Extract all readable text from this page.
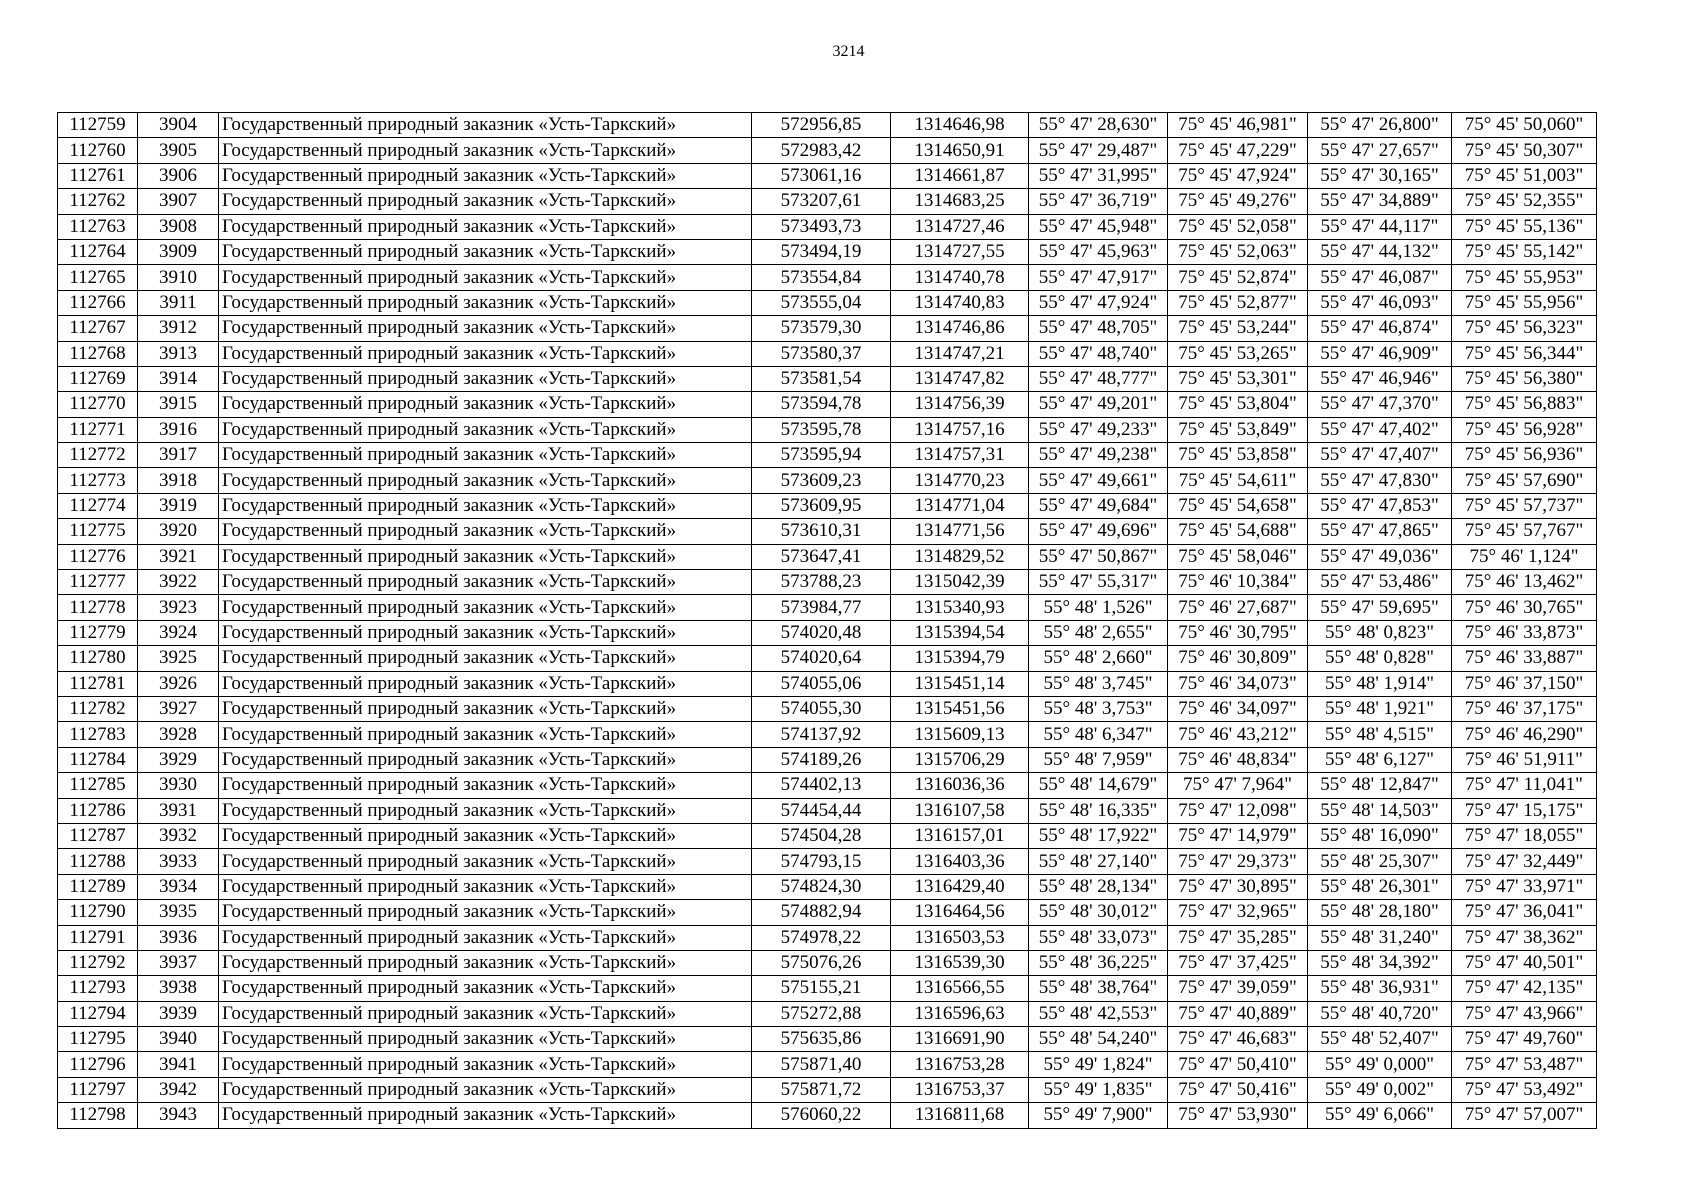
3214
112759	3904	Государственный природный заказник «Усть-Таркский»	572956,85	1314646,98	55° 47' 28,630"	75° 45' 46,981"	55° 47' 26,800"	75° 45' 50,060"
112760	3905	Государственный природный заказник «Усть-Таркский»	572983,42	1314650,91	55° 47' 29,487"	75° 45' 47,229"	55° 47' 27,657"	75° 45' 50,307"
112761	3906	Государственный природный заказник «Усть-Таркский»	573061,16	1314661,87	55° 47' 31,995"	75° 45' 47,924"	55° 47' 30,165"	75° 45' 51,003"
112762	3907	Государственный природный заказник «Усть-Таркский»	573207,61	1314683,25	55° 47' 36,719"	75° 45' 49,276"	55° 47' 34,889"	75° 45' 52,355"
112763	3908	Государственный природный заказник «Усть-Таркский»	573493,73	1314727,46	55° 47' 45,948"	75° 45' 52,058"	55° 47' 44,117"	75° 45' 55,136"
112764	3909	Государственный природный заказник «Усть-Таркский»	573494,19	1314727,55	55° 47' 45,963"	75° 45' 52,063"	55° 47' 44,132"	75° 45' 55,142"
112765	3910	Государственный природный заказник «Усть-Таркский»	573554,84	1314740,78	55° 47' 47,917"	75° 45' 52,874"	55° 47' 46,087"	75° 45' 55,953"
112766	3911	Государственный природный заказник «Усть-Таркский»	573555,04	1314740,83	55° 47' 47,924"	75° 45' 52,877"	55° 47' 46,093"	75° 45' 55,956"
112767	3912	Государственный природный заказник «Усть-Таркский»	573579,30	1314746,86	55° 47' 48,705"	75° 45' 53,244"	55° 47' 46,874"	75° 45' 56,323"
112768	3913	Государственный природный заказник «Усть-Таркский»	573580,37	1314747,21	55° 47' 48,740"	75° 45' 53,265"	55° 47' 46,909"	75° 45' 56,344"
112769	3914	Государственный природный заказник «Усть-Таркский»	573581,54	1314747,82	55° 47' 48,777"	75° 45' 53,301"	55° 47' 46,946"	75° 45' 56,380"
112770	3915	Государственный природный заказник «Усть-Таркский»	573594,78	1314756,39	55° 47' 49,201"	75° 45' 53,804"	55° 47' 47,370"	75° 45' 56,883"
112771	3916	Государственный природный заказник «Усть-Таркский»	573595,78	1314757,16	55° 47' 49,233"	75° 45' 53,849"	55° 47' 47,402"	75° 45' 56,928"
112772	3917	Государственный природный заказник «Усть-Таркский»	573595,94	1314757,31	55° 47' 49,238"	75° 45' 53,858"	55° 47' 47,407"	75° 45' 56,936"
112773	3918	Государственный природный заказник «Усть-Таркский»	573609,23	1314770,23	55° 47' 49,661"	75° 45' 54,611"	55° 47' 47,830"	75° 45' 57,690"
112774	3919	Государственный природный заказник «Усть-Таркский»	573609,95	1314771,04	55° 47' 49,684"	75° 45' 54,658"	55° 47' 47,853"	75° 45' 57,737"
112775	3920	Государственный природный заказник «Усть-Таркский»	573610,31	1314771,56	55° 47' 49,696"	75° 45' 54,688"	55° 47' 47,865"	75° 45' 57,767"
112776	3921	Государственный природный заказник «Усть-Таркский»	573647,41	1314829,52	55° 47' 50,867"	75° 45' 58,046"	55° 47' 49,036"	75° 46' 1,124"
112777	3922	Государственный природный заказник «Усть-Таркский»	573788,23	1315042,39	55° 47' 55,317"	75° 46' 10,384"	55° 47' 53,486"	75° 46' 13,462"
112778	3923	Государственный природный заказник «Усть-Таркский»	573984,77	1315340,93	55° 48' 1,526"	75° 46' 27,687"	55° 47' 59,695"	75° 46' 30,765"
112779	3924	Государственный природный заказник «Усть-Таркский»	574020,48	1315394,54	55° 48' 2,655"	75° 46' 30,795"	55° 48' 0,823"	75° 46' 33,873"
112780	3925	Государственный природный заказник «Усть-Таркский»	574020,64	1315394,79	55° 48' 2,660"	75° 46' 30,809"	55° 48' 0,828"	75° 46' 33,887"
112781	3926	Государственный природный заказник «Усть-Таркский»	574055,06	1315451,14	55° 48' 3,745"	75° 46' 34,073"	55° 48' 1,914"	75° 46' 37,150"
112782	3927	Государственный природный заказник «Усть-Таркский»	574055,30	1315451,56	55° 48' 3,753"	75° 46' 34,097"	55° 48' 1,921"	75° 46' 37,175"
112783	3928	Государственный природный заказник «Усть-Таркский»	574137,92	1315609,13	55° 48' 6,347"	75° 46' 43,212"	55° 48' 4,515"	75° 46' 46,290"
112784	3929	Государственный природный заказник «Усть-Таркский»	574189,26	1315706,29	55° 48' 7,959"	75° 46' 48,834"	55° 48' 6,127"	75° 46' 51,911"
112785	3930	Государственный природный заказник «Усть-Таркский»	574402,13	1316036,36	55° 48' 14,679"	75° 47' 7,964"	55° 48' 12,847"	75° 47' 11,041"
112786	3931	Государственный природный заказник «Усть-Таркский»	574454,44	1316107,58	55° 48' 16,335"	75° 47' 12,098"	55° 48' 14,503"	75° 47' 15,175"
112787	3932	Государственный природный заказник «Усть-Таркский»	574504,28	1316157,01	55° 48' 17,922"	75° 47' 14,979"	55° 48' 16,090"	75° 47' 18,055"
112788	3933	Государственный природный заказник «Усть-Таркский»	574793,15	1316403,36	55° 48' 27,140"	75° 47' 29,373"	55° 48' 25,307"	75° 47' 32,449"
112789	3934	Государственный природный заказник «Усть-Таркский»	574824,30	1316429,40	55° 48' 28,134"	75° 47' 30,895"	55° 48' 26,301"	75° 47' 33,971"
112790	3935	Государственный природный заказник «Усть-Таркский»	574882,94	1316464,56	55° 48' 30,012"	75° 47' 32,965"	55° 48' 28,180"	75° 47' 36,041"
112791	3936	Государственный природный заказник «Усть-Таркский»	574978,22	1316503,53	55° 48' 33,073"	75° 47' 35,285"	55° 48' 31,240"	75° 47' 38,362"
112792	3937	Государственный природный заказник «Усть-Таркский»	575076,26	1316539,30	55° 48' 36,225"	75° 47' 37,425"	55° 48' 34,392"	75° 47' 40,501"
112793	3938	Государственный природный заказник «Усть-Таркский»	575155,21	1316566,55	55° 48' 38,764"	75° 47' 39,059"	55° 48' 36,931"	75° 47' 42,135"
112794	3939	Государственный природный заказник «Усть-Таркский»	575272,88	1316596,63	55° 48' 42,553"	75° 47' 40,889"	55° 48' 40,720"	75° 47' 43,966"
112795	3940	Государственный природный заказник «Усть-Таркский»	575635,86	1316691,90	55° 48' 54,240"	75° 47' 46,683"	55° 48' 52,407"	75° 47' 49,760"
112796	3941	Государственный природный заказник «Усть-Таркский»	575871,40	1316753,28	55° 49' 1,824"	75° 47' 50,410"	55° 49' 0,000"	75° 47' 53,487"
112797	3942	Государственный природный заказник «Усть-Таркский»	575871,72	1316753,37	55° 49' 1,835"	75° 47' 50,416"	55° 49' 0,002"	75° 47' 53,492"
112798	3943	Государственный природный заказник «Усть-Таркский»	576060,22	1316811,68	55° 49' 7,900"	75° 47' 53,930"	55° 49' 6,066"	75° 47' 57,007"
